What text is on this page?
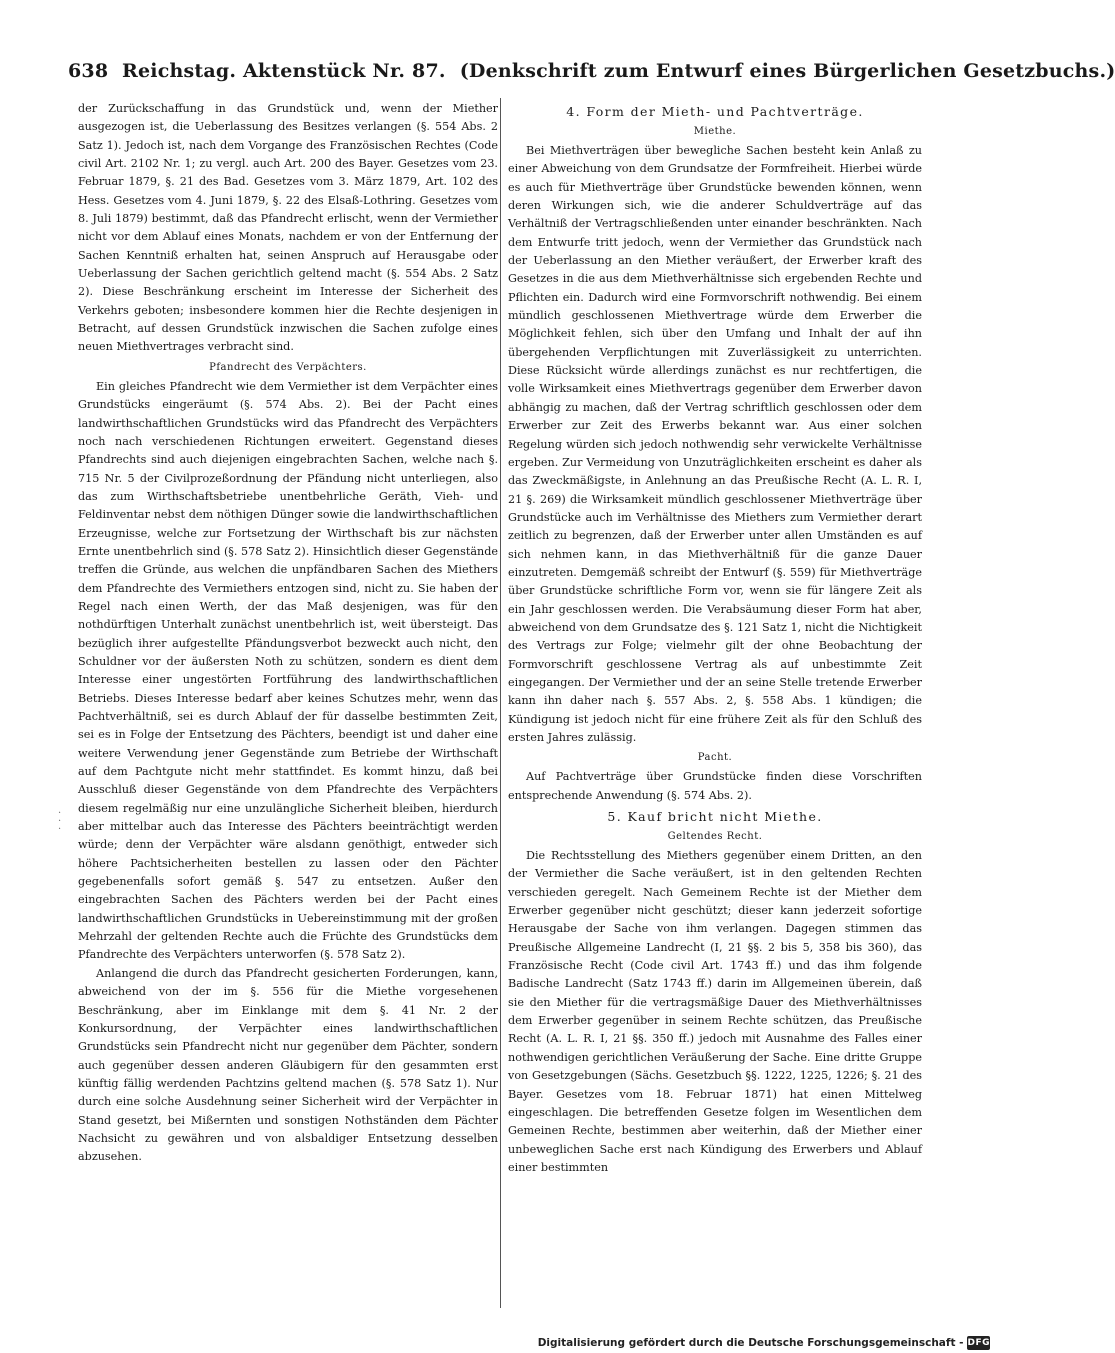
638 Reichstag. Aktenstück Nr. 87. (Denkschrift zum Entwurf eines Bürgerlichen Gesetzbuchs.)
·
·
·

der Zurückschaffung in das Grundstück und, wenn der Miether ausgezogen ist, die Ueberlassung des Besitzes verlangen (§. 554 Abs. 2 Satz 1). Jedoch ist, nach dem Vorgange des Französischen Rechtes (Code civil Art. 2102 Nr. 1; zu vergl. auch Art. 200 des Bayer. Gesetzes vom 23. Februar 1879, §. 21 des Bad. Gesetzes vom 3. März 1879, Art. 102 des Hess. Gesetzes vom 4. Juni 1879, §. 22 des Elsaß-Lothring. Gesetzes vom 8. Juli 1879) bestimmt, daß das Pfandrecht erlischt, wenn der Vermiether nicht vor dem Ablauf eines Monats, nachdem er von der Entfernung der Sachen Kenntniß erhalten hat, seinen Anspruch auf Herausgabe oder Ueberlassung der Sachen gerichtlich geltend macht (§. 554 Abs. 2 Satz 2). Diese Beschränkung erscheint im Interesse der Sicherheit des Verkehrs geboten; insbesondere kommen hier die Rechte desjenigen in Betracht, auf dessen Grundstück inzwischen die Sachen zufolge eines neuen Miethvertrages verbracht sind.

Pfandrecht des Verpächters.

Ein gleiches Pfandrecht wie dem Vermiether ist dem Verpächter eines Grundstücks eingeräumt (§. 574 Abs. 2). Bei der Pacht eines landwirthschaftlichen Grundstücks wird das Pfandrecht des Verpächters noch nach verschiedenen Richtungen erweitert. Gegenstand dieses Pfandrechts sind auch diejenigen eingebrachten Sachen, welche nach §. 715 Nr. 5 der Civilprozeßordnung der Pfändung nicht unterliegen, also das zum Wirthschaftsbetriebe unentbehrliche Geräth, Vieh- und Feldinventar nebst dem nöthigen Dünger sowie die landwirthschaftlichen Erzeugnisse, welche zur Fortsetzung der Wirthschaft bis zur nächsten Ernte unentbehrlich sind (§. 578 Satz 2). Hinsichtlich dieser Gegenstände treffen die Gründe, aus welchen die unpfändbaren Sachen des Miethers dem Pfandrechte des Vermiethers entzogen sind, nicht zu. Sie haben der Regel nach einen Werth, der das Maß desjenigen, was für den nothdürftigen Unterhalt zunächst unentbehrlich ist, weit übersteigt. Das bezüglich ihrer aufgestellte Pfändungsverbot bezweckt auch nicht, den Schuldner vor der äußersten Noth zu schützen, sondern es dient dem Interesse einer ungestörten Fortführung des landwirthschaftlichen Betriebs. Dieses Interesse bedarf aber keines Schutzes mehr, wenn das Pachtverhältniß, sei es durch Ablauf der für dasselbe bestimmten Zeit, sei es in Folge der Entsetzung des Pächters, beendigt ist und daher eine weitere Verwendung jener Gegenstände zum Betriebe der Wirthschaft auf dem Pachtgute nicht mehr stattfindet. Es kommt hinzu, daß bei Ausschluß dieser Gegenstände von dem Pfandrechte des Verpächters diesem regelmäßig nur eine unzulängliche Sicherheit bleiben, hierdurch aber mittelbar auch das Interesse des Pächters beeinträchtigt werden würde; denn der Verpächter wäre alsdann genöthigt, entweder sich höhere Pachtsicherheiten bestellen zu lassen oder den Pächter gegebenenfalls sofort gemäß §. 547 zu entsetzen. Außer den eingebrachten Sachen des Pächters werden bei der Pacht eines landwirthschaftlichen Grundstücks in Uebereinstimmung mit der großen Mehrzahl der geltenden Rechte auch die Früchte des Grundstücks dem Pfandrechte des Verpächters unterworfen (§. 578 Satz 2).

Anlangend die durch das Pfandrecht gesicherten Forderungen, kann, abweichend von der im §. 556 für die Miethe vorgesehenen Beschränkung, aber im Einklange mit dem §. 41 Nr. 2 der Konkursordnung, der Verpächter eines landwirthschaftlichen Grundstücks sein Pfandrecht nicht nur gegenüber dem Pächter, sondern auch gegenüber dessen anderen Gläubigern für den gesammten erst künftig fällig werdenden Pachtzins geltend machen (§. 578 Satz 1). Nur durch eine solche Ausdehnung seiner Sicherheit wird der Verpächter in Stand gesetzt, bei Mißernten und sonstigen Nothständen dem Pächter Nachsicht zu gewähren und von alsbaldiger Entsetzung desselben abzusehen.

4. Form der Mieth- und Pachtverträge.
Miethe.

Bei Miethverträgen über bewegliche Sachen besteht kein Anlaß zu einer Abweichung von dem Grundsatze der Formfreiheit. Hierbei würde es auch für Miethverträge über Grundstücke bewenden können, wenn deren Wirkungen sich, wie die anderer Schuldverträge auf das Verhältniß der Vertragschließenden unter einander beschränkten. Nach dem Entwurfe tritt jedoch, wenn der Vermiether das Grundstück nach der Ueberlassung an den Miether veräußert, der Erwerber kraft des Gesetzes in die aus dem Miethverhältnisse sich ergebenden Rechte und Pflichten ein. Dadurch wird eine Formvorschrift nothwendig. Bei einem mündlich geschlossenen Miethvertrage würde dem Erwerber die Möglichkeit fehlen, sich über den Umfang und Inhalt der auf ihn übergehenden Verpflichtungen mit Zuverlässigkeit zu unterrichten. Diese Rücksicht würde allerdings zunächst es nur rechtfertigen, die volle Wirksamkeit eines Miethvertrags gegenüber dem Erwerber davon abhängig zu machen, daß der Vertrag schriftlich geschlossen oder dem Erwerber zur Zeit des Erwerbs bekannt war. Aus einer solchen Regelung würden sich jedoch nothwendig sehr verwickelte Verhältnisse ergeben. Zur Vermeidung von Unzuträglichkeiten erscheint es daher als das Zweckmäßigste, in Anlehnung an das Preußische Recht (A. L. R. I, 21 §. 269) die Wirksamkeit mündlich geschlossener Miethverträge über Grundstücke auch im Verhältnisse des Miethers zum Vermiether derart zeitlich zu begrenzen, daß der Erwerber unter allen Umständen es auf sich nehmen kann, in das Miethverhältniß für die ganze Dauer einzutreten. Demgemäß schreibt der Entwurf (§. 559) für Miethverträge über Grundstücke schriftliche Form vor, wenn sie für längere Zeit als ein Jahr geschlossen werden. Die Verabsäumung dieser Form hat aber, abweichend von dem Grundsatze des §. 121 Satz 1, nicht die Nichtigkeit des Vertrags zur Folge; vielmehr gilt der ohne Beobachtung der Formvorschrift geschlossene Vertrag als auf unbestimmte Zeit eingegangen. Der Vermiether und der an seine Stelle tretende Erwerber kann ihn daher nach §. 557 Abs. 2, §. 558 Abs. 1 kündigen; die Kündigung ist jedoch nicht für eine frühere Zeit als für den Schluß des ersten Jahres zulässig.

Pacht.

Auf Pachtverträge über Grundstücke finden diese Vorschriften entsprechende Anwendung (§. 574 Abs. 2).

5. Kauf bricht nicht Miethe.
Geltendes Recht.

Die Rechtsstellung des Miethers gegenüber einem Dritten, an den der Vermiether die Sache veräußert, ist in den geltenden Rechten verschieden geregelt. Nach Gemeinem Rechte ist der Miether dem Erwerber gegenüber nicht geschützt; dieser kann jederzeit sofortige Herausgabe der Sache von ihm verlangen. Dagegen stimmen das Preußische Allgemeine Landrecht (I, 21 §§. 2 bis 5, 358 bis 360), das Französische Recht (Code civil Art. 1743 ff.) und das ihm folgende Badische Landrecht (Satz 1743 ff.) darin im Allgemeinen überein, daß sie den Miether für die vertragsmäßige Dauer des Miethverhältnisses dem Erwerber gegenüber in seinem Rechte schützen, das Preußische Recht (A. L. R. I, 21 §§. 350 ff.) jedoch mit Ausnahme des Falles einer nothwendigen gerichtlichen Veräußerung der Sache. Eine dritte Gruppe von Gesetzgebungen (Sächs. Gesetzbuch §§. 1222, 1225, 1226; §. 21 des Bayer. Gesetzes vom 18. Februar 1871) hat einen Mittelweg eingeschlagen. Die betreffenden Gesetze folgen im Wesentlichen dem Gemeinen Rechte, bestimmen aber weiterhin, daß der Miether einer unbeweglichen Sache erst nach Kündigung des Erwerbers und Ablauf einer bestimmten

Digitalisierung gefördert durch die Deutsche Forschungsgemeinschaft - DFG
